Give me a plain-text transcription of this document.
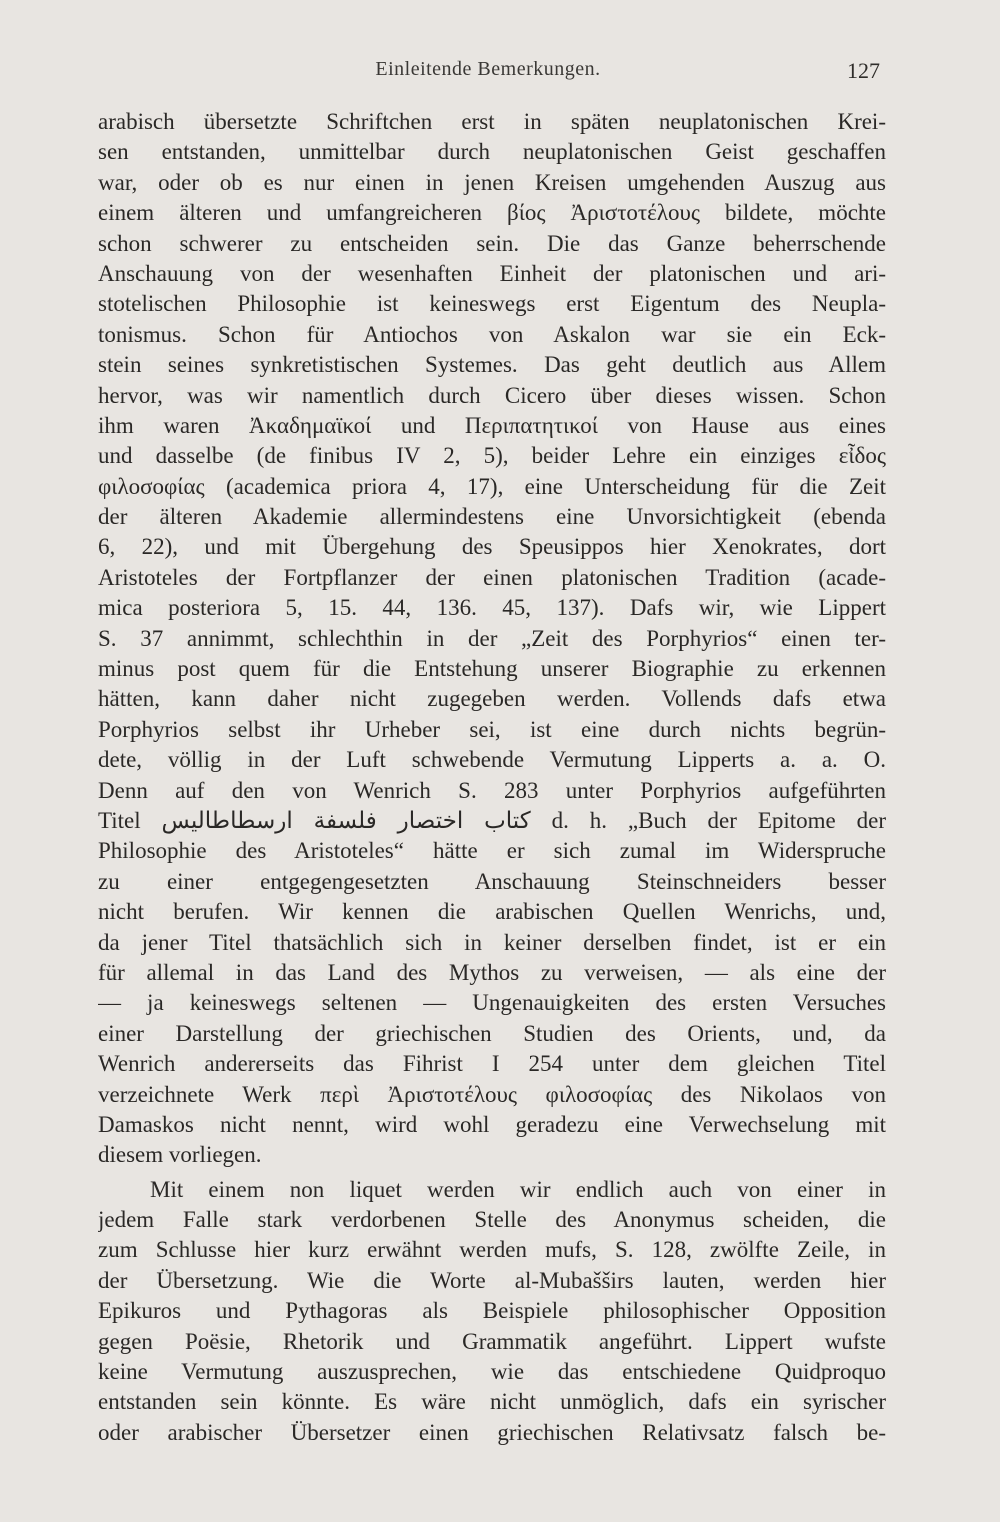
Einleitende Bemerkungen.	127
arabisch übersetzte Schriftchen erst in späten neuplatonischen Krei-
sen entstanden, unmittelbar durch neuplatonischen Geist geschaffen
war, oder ob es nur einen in jenen Kreisen umgehenden Auszug aus
einem älteren und umfangreicheren βίος Ἀριστοτέλους bildete, möchte
schon schwerer zu entscheiden sein. Die das Ganze beherrschende
Anschauung von der wesenhaften Einheit der platonischen und ari-
stotelischen Philosophie ist keineswegs erst Eigentum des Neupla-
tonismus. Schon für Antiochos von Askalon war sie ein Eck-
stein seines synkretistischen Systemes. Das geht deutlich aus Allem
hervor, was wir namentlich durch Cicero über dieses wissen. Schon
ihm waren Ἀκαδημαϊκοί und Περιπατητικοί von Hause aus eines
und dasselbe (de finibus IV 2, 5), beider Lehre ein einziges εἶδος
φιλοσοφίας (academica priora 4, 17), eine Unterscheidung für die Zeit
der älteren Akademie allermindestens eine Unvorsichtigkeit (ebenda
6, 22), und mit Übergehung des Speusippos hier Xenokrates, dort
Aristoteles der Fortpflanzer der einen platonischen Tradition (acade-
mica posteriora 5, 15. 44, 136. 45, 137). Dafs wir, wie Lippert
S. 37 annimmt, schlechthin in der „Zeit des Porphyrios“ einen ter-
minus post quem für die Entstehung unserer Biographie zu erkennen
hätten, kann daher nicht zugegeben werden. Vollends dafs etwa
Porphyrios selbst ihr Urheber sei, ist eine durch nichts begrün-
dete, völlig in der Luft schwebende Vermutung Lipperts a. a. O.
Denn auf den von Wenrich S. 283 unter Porphyrios aufgeführten
Titel كتاب اختصار فلسفة ارسطاطاليس d. h. „Buch der Epitome der
Philosophie des Aristoteles“ hätte er sich zumal im Widerspruche
zu einer entgegengesetzten Anschauung Steinschneiders besser
nicht berufen. Wir kennen die arabischen Quellen Wenrichs, und,
da jener Titel thatsächlich sich in keiner derselben findet, ist er ein
für allemal in das Land des Mythos zu verweisen, — als eine der
— ja keineswegs seltenen — Ungenauigkeiten des ersten Versuches
einer Darstellung der griechischen Studien des Orients, und, da
Wenrich andererseits das Fihrist I 254 unter dem gleichen Titel
verzeichnete Werk περὶ Ἀριστοτέλους φιλοσοφίας des Nikolaos von
Damaskos nicht nennt, wird wohl geradezu eine Verwechselung mit
diesem vorliegen.
Mit einem non liquet werden wir endlich auch von einer in
jedem Falle stark verdorbenen Stelle des Anonymus scheiden, die
zum Schlusse hier kurz erwähnt werden mufs, S. 128, zwölfte Zeile, in
der Übersetzung. Wie die Worte al-Mubašširs lauten, werden hier
Epikuros und Pythagoras als Beispiele philosophischer Opposition
gegen Poësie, Rhetorik und Grammatik angeführt. Lippert wufste
keine Vermutung auszusprechen, wie das entschiedene Quidproquo
entstanden sein könnte. Es wäre nicht unmöglich, dafs ein syrischer
oder arabischer Übersetzer einen griechischen Relativsatz falsch be-
